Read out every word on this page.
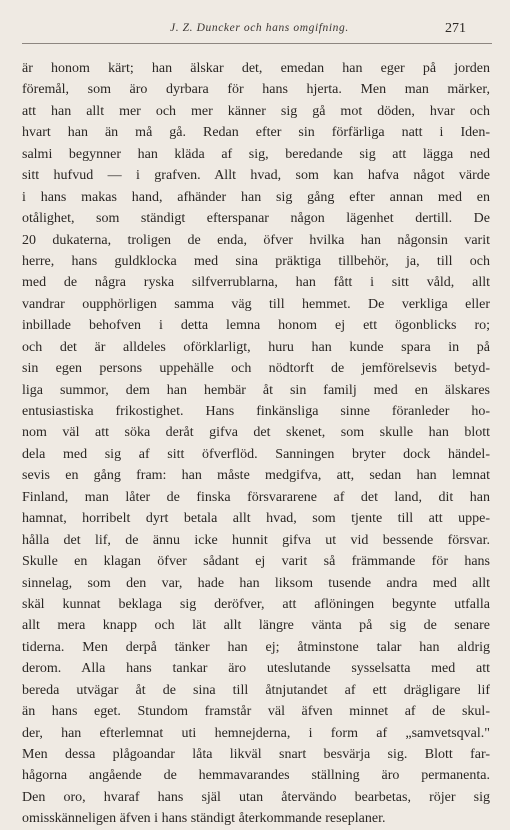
J. Z. Duncker och hans omgifning.	271
är honom kärt; han älskar det, emedan han eger på jorden
föremål, som äro dyrbara för hans hjerta. Men man märker,
att han allt mer och mer känner sig gå mot döden, hvar och
hvart han än må gå. Redan efter sin förfärliga natt i Iden-
salmi begynner han kläda af sig, beredande sig att lägga ned
sitt hufvud — i grafven. Allt hvad, som kan hafva något värde
i hans makas hand, afhänder han sig gång efter annan med en
otålighet, som ständigt efterspanar någon lägenhet dertill. De
20 dukaterna, troligen de enda, öfver hvilka han någonsin varit
herre, hans guldklocka med sina präktiga tillbehör, ja, till och
med de några ryska silfverrublarna, han fått i sitt våld, allt
vandrar oupphörligen samma väg till hemmet. De verkliga eller
inbillade behofven i detta lemna honom ej ett ögonblicks ro;
och det är alldeles oförklarligt, huru han kunde spara in på
sin egen persons uppehälle och nödtorft de jemförelsevis betyd-
liga summor, dem han hembär åt sin familj med en älskares
entusiastiska frikostighet. Hans finkänsliga sinne föranleder ho-
nom väl att söka deråt gifva det skenet, som skulle han blott
dela med sig af sitt öfverflöd. Sanningen bryter dock händel-
sevis en gång fram: han måste medgifva, att, sedan han lemnat
Finland, man låter de finska försvararene af det land, dit han
hamnat, horribelt dyrt betala allt hvad, som tjente till att uppe-
hålla det lif, de ännu icke hunnit gifva ut vid bessende försvar.
Skulle en klagan öfver sådant ej varit så främmande för hans
sinnelag, som den var, hade han liksom tusende andra med allt
skäl kunnat beklaga sig deröfver, att aflöningen begynte utfalla
allt mera knapp och lät allt längre vänta på sig de senare
tiderna. Men derpå tänker han ej; åtminstone talar han aldrig
derom. Alla hans tankar äro uteslutande sysselsatta med att
bereda utvägar åt de sina till åtnjutandet af ett drägligare lif
än hans eget. Stundom framstår väl äfven minnet af de skul-
der, han efterlemnat uti hemnejderna, i form af „samvetsqval."
Men dessa plågoandar låta likväl snart besvärja sig. Blott far-
hågorna angående de hemmavarandes ställning äro permanenta.
Den oro, hvaraf hans själ utan återvändo bearbetas, röjer sig
omisskänneligen äfven i hans ständigt återkommande reseplaner.
